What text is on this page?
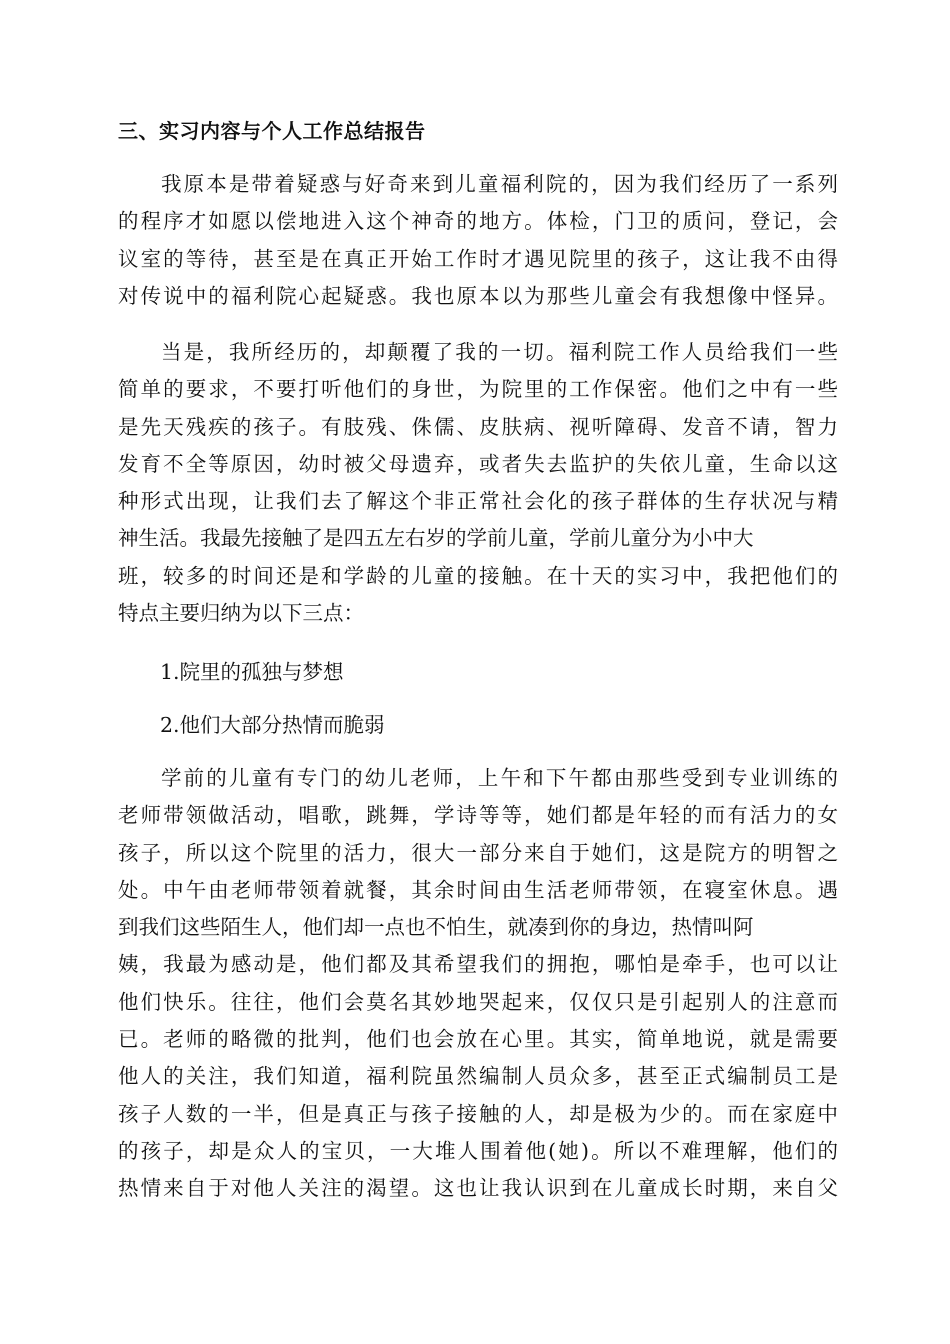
三、实习内容与个人工作总结报告
我原本是带着疑惑与好奇来到儿童福利院的，因为我们经历了一系列
的程序才如愿以偿地进入这个神奇的地方。体检，门卫的质问，登记，会
议室的等待，甚至是在真正开始工作时才遇见院里的孩子，这让我不由得
对传说中的福利院心起疑惑。我也原本以为那些儿童会有我想像中怪异。
当是，我所经历的，却颠覆了我的一切。福利院工作人员给我们一些
简单的要求，不要打听他们的身世，为院里的工作保密。他们之中有一些
是先天残疾的孩子。有肢残、侏儒、皮肤病、视听障碍、发音不请，智力
发育不全等原因，幼时被父母遗弃，或者失去监护的失依儿童，生命以这
种形式出现，让我们去了解这个非正常社会化的孩子群体的生存状况与精
神生活。我最先接触了是四五左右岁的学前儿童，学前儿童分为小中大
班，较多的时间还是和学龄的儿童的接触。在十天的实习中，我把他们的
特点主要归纳为以下三点：
1.院里的孤独与梦想
2.他们大部分热情而脆弱
学前的儿童有专门的幼儿老师，上午和下午都由那些受到专业训练的
老师带领做活动，唱歌，跳舞，学诗等等，她们都是年轻的而有活力的女
孩子，所以这个院里的活力，很大一部分来自于她们，这是院方的明智之
处。中午由老师带领着就餐，其余时间由生活老师带领，在寝室休息。遇
到我们这些陌生人，他们却一点也不怕生，就凑到你的身边，热情叫阿
姨，我最为感动是，他们都及其希望我们的拥抱，哪怕是牵手，也可以让
他们快乐。往往，他们会莫名其妙地哭起来，仅仅只是引起别人的注意而
已。老师的略微的批判，他们也会放在心里。其实，简单地说，就是需要
他人的关注，我们知道，福利院虽然编制人员众多，甚至正式编制员工是
孩子人数的一半，但是真正与孩子接触的人，却是极为少的。而在家庭中
的孩子，却是众人的宝贝，一大堆人围着他(她)。所以不难理解，他们的
热情来自于对他人关注的渴望。这也让我认识到在儿童成长时期，来自父
